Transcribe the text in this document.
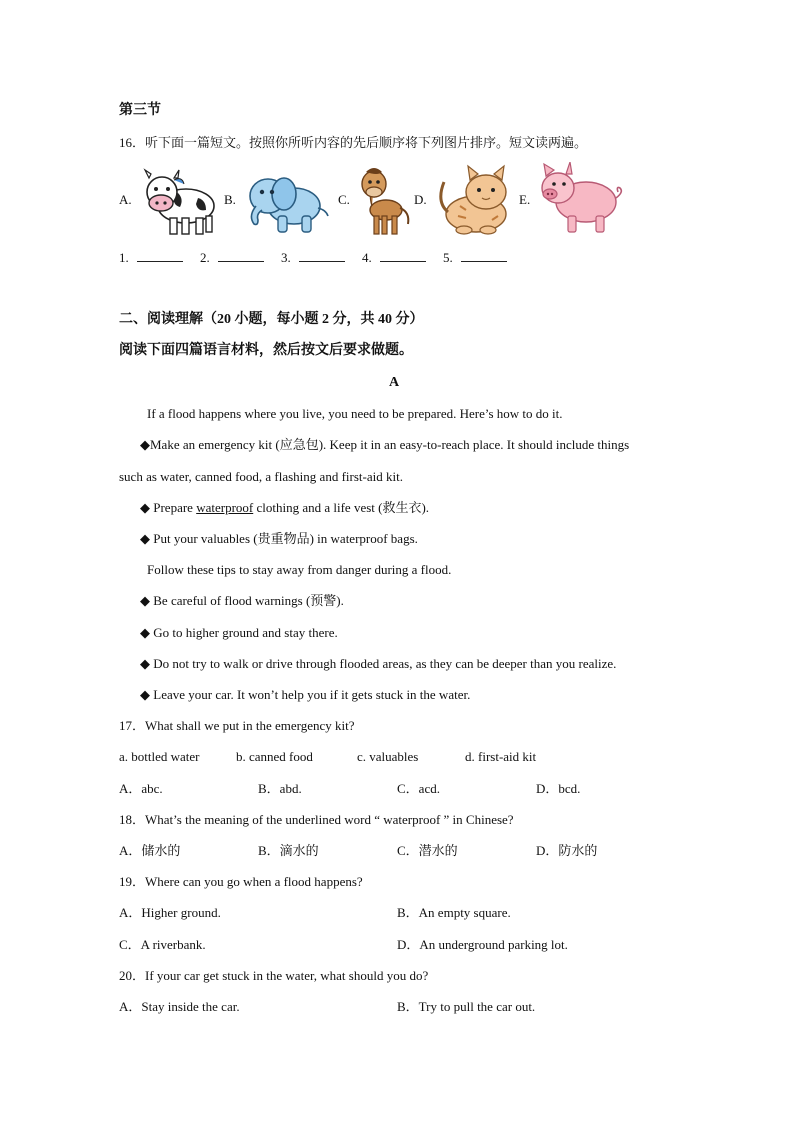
第三节
16．听下面一篇短文。按照你所听内容的先后顺序将下列图片排序。短文读两遍。
A.	B.	C.	D.	E.
1.	2.	3.	4.	5.
二、阅读理解（20 小题，每小题 2 分，共 40 分）
阅读下面四篇语言材料，然后按文后要求做题。
A
If a flood happens where you live, you need to be prepared. Here’s how to do it.
◆Make an emergency kit (应急包). Keep it in an easy-to-reach place. It should include things
such as water, canned food, a flashing and first-aid kit.
◆ Prepare waterproof clothing and a life vest (救生衣).
◆ Put your valuables (贵重物品) in waterproof bags.
Follow these tips to stay away from danger during a flood.
◆ Be careful of flood warnings (预警).
◆ Go to higher ground and stay there.
◆ Do not try to walk or drive through flooded areas, as they can be deeper than you realize.
◆ Leave your car. It won’t help you if it gets stuck in the water.
17．What shall we put in the emergency kit?
a. bottled water	b. canned food	c. valuables	d. first-aid kit
A．abc.	B．abd.	C．acd.	D．bcd.
18．What’s the meaning of the underlined word “ waterproof ” in Chinese?
A．储水的	B．滴水的	C．潜水的	D．防水的
19．Where can you go when a flood happens?
A．Higher ground.	B．An empty square.
C．A riverbank.	D．An underground parking lot.
20．If your car get stuck in the water, what should you do?
A．Stay inside the car.	B．Try to pull the car out.
